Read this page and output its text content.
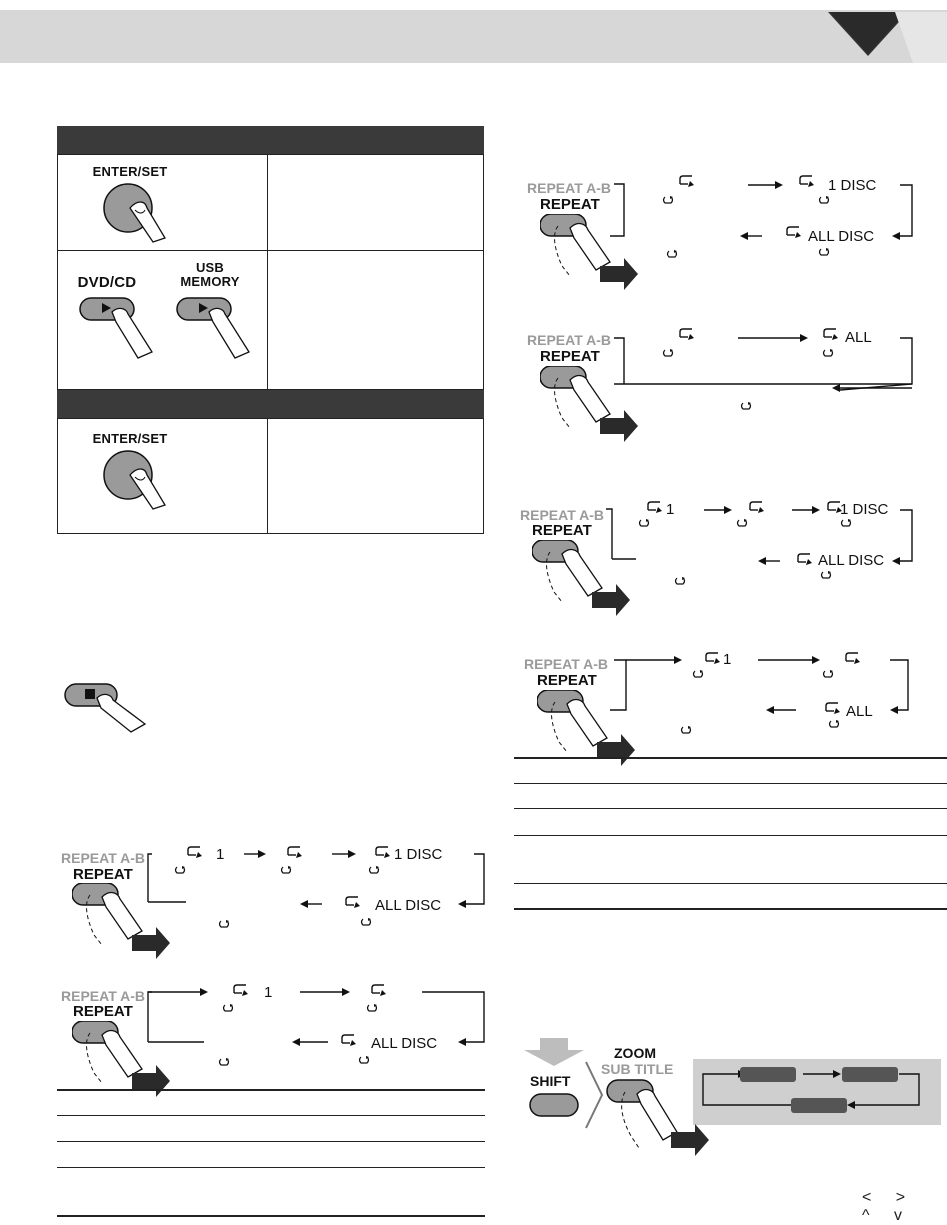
ENTER/SET
DVD/CD
USB
MEMORY
ENTER/SET
REPEAT A-B
REPEAT
1 DISC
ALL DISC
REPEAT A-B
REPEAT
ALL
REPEAT A-B
REPEAT
1	1 DISC
ALL DISC
REPEAT A-B
REPEAT
1
ALL
REPEAT A-B
REPEAT
1	1 DISC
ALL DISC
REPEAT A-B
REPEAT
1
ALL DISC
SHIFT
ZOOM
SUB TITLE
< > ^ v
